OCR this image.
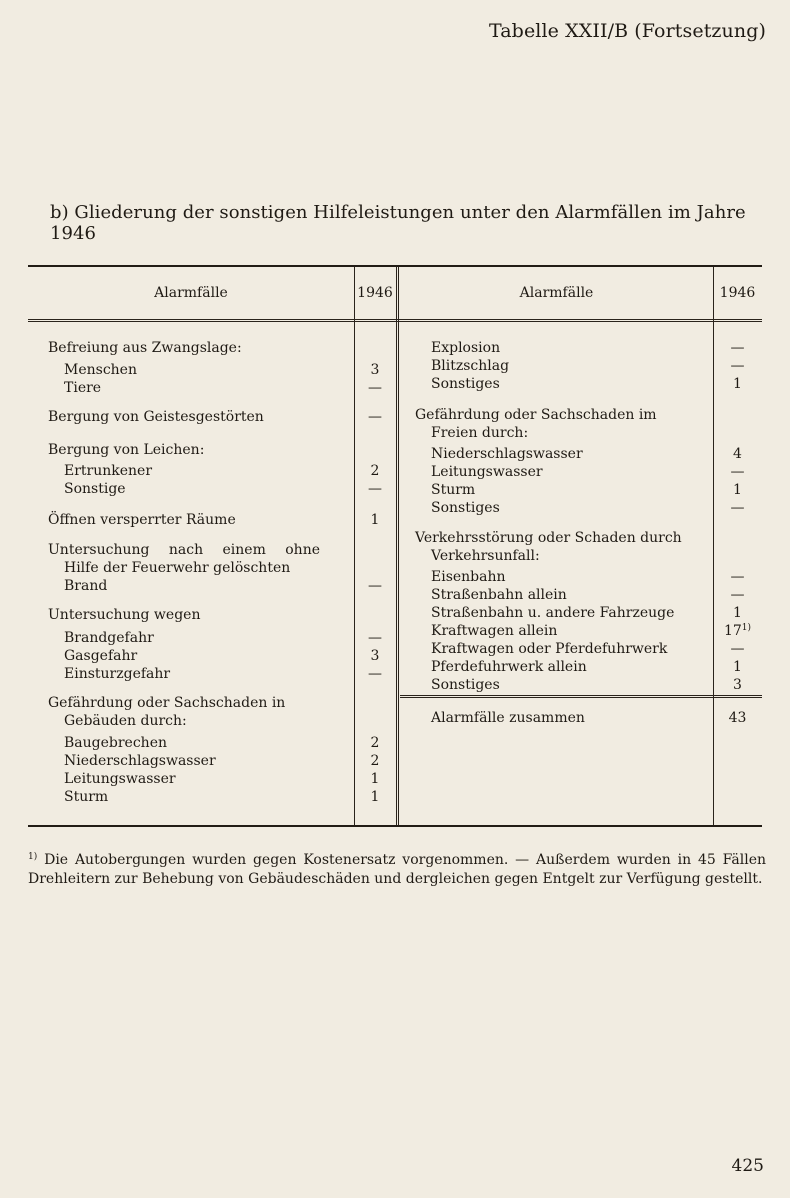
Tabelle XXII/B (Fortsetzung)
b) Gliederung der sonstigen Hilfeleistungen unter den Alarmfällen im Jahre 1946
Alarmfälle	1946	Alarmfälle	1946
Befreiung aus Zwangslage:
Menschen	3
Tiere	—
Bergung von Geistesgestörten	—
Bergung von Leichen:
Ertrunkener	2
Sonstige	—
Öffnen versperrter Räume	1
Untersuchung nach einem ohne
Hilfe der Feuerwehr gelöschten
Brand	—
Untersuchung wegen
Brandgefahr	—
Gasgefahr	3
Einsturzgefahr	—
Gefährdung oder Sachschaden in
Gebäuden durch:
Baugebrechen	2
Niederschlagswasser	2
Leitungswasser	1
Sturm	1
Explosion	—
Blitzschlag	—
Sonstiges	1
Gefährdung oder Sachschaden im
Freien durch:
Niederschlagswasser	4
Leitungswasser	—
Sturm	1
Sonstiges	—
Verkehrsstörung oder Schaden durch
Verkehrsunfall:
Eisenbahn	—
Straßenbahn allein	—
Straßenbahn u. andere Fahrzeuge	1
Kraftwagen allein	17$^{1)}$
Kraftwagen oder Pferdefuhrwerk	—
Pferdefuhrwerk allein	1
Sonstiges	3
Alarmfälle zusammen	43
$^{1)}$ Die Autobergungen wurden gegen Kostenersatz vorgenommen. — Außerdem wurden in 45 Fällen Drehleitern zur Behebung von Gebäudeschäden und dergleichen gegen Entgelt zur Verfügung gestellt.
425
